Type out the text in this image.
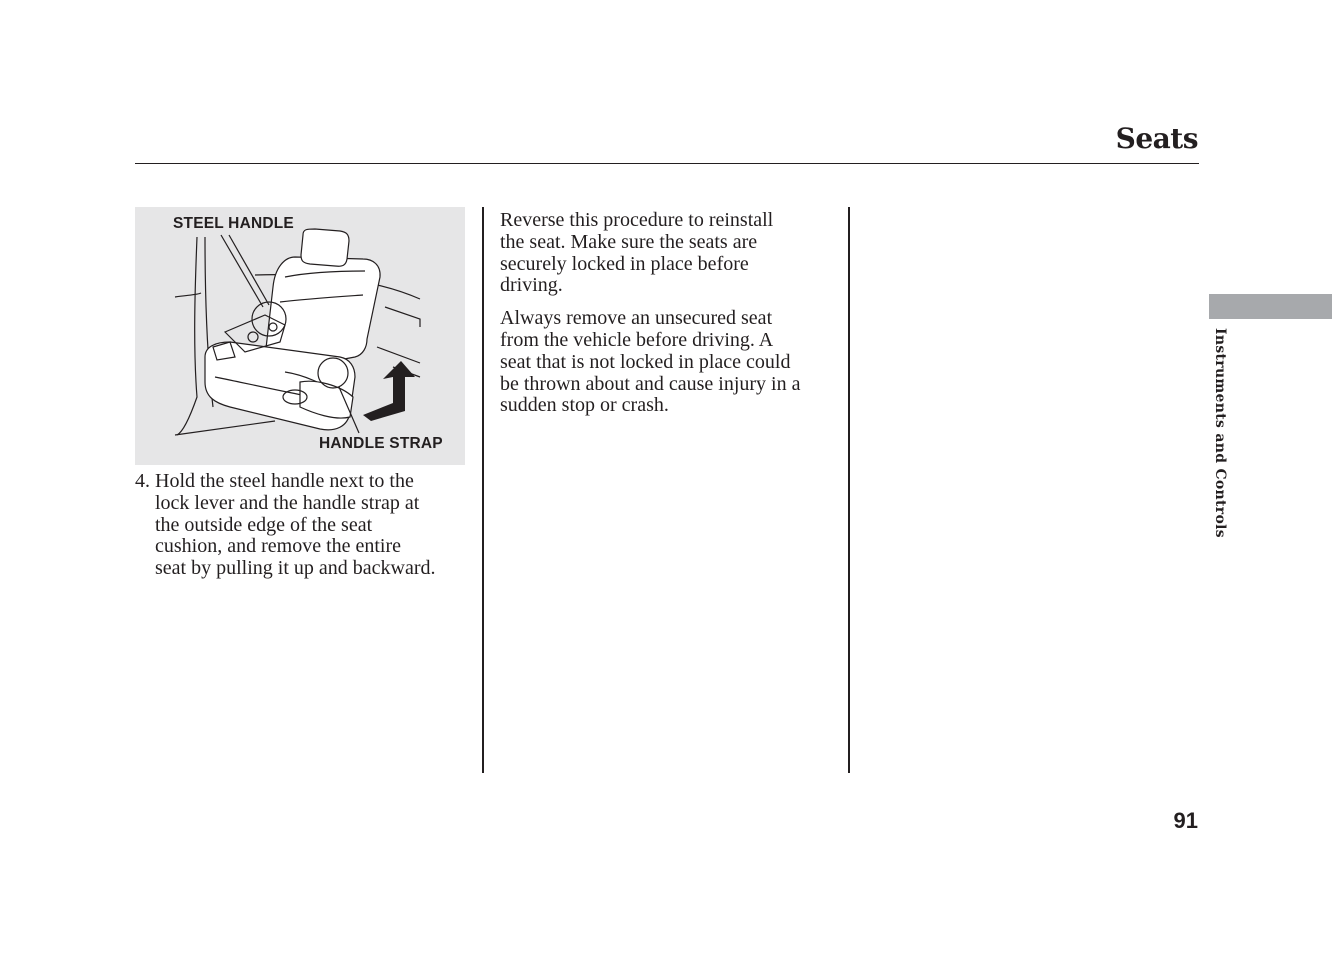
Seats
STEEL HANDLE
HANDLE STRAP
4. Hold the steel handle next to the
lock lever and the handle strap at
the outside edge of the seat
cushion, and remove the entire
seat by pulling it up and backward.

Reverse this procedure to reinstall
the seat. Make sure the seats are
securely locked in place before
driving.

Always remove an unsecured seat
from the vehicle before driving. A
seat that is not locked in place could
be thrown about and cause injury in a
sudden stop or crash.	Instruments and Controls
91
